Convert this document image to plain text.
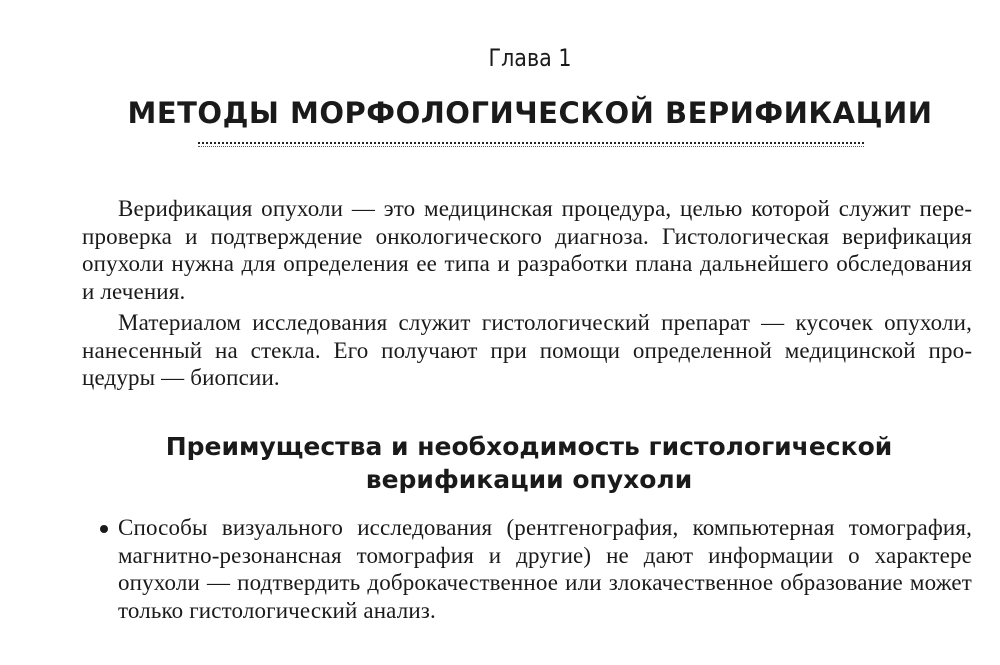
Глава 1
МЕТОДЫ МОРФОЛОГИЧЕСКОЙ ВЕРИФИКАЦИИ

Верификация опухоли — это медицинская процедура, целью которой служит перепроверка и подтверждение онкологического диагноза. Гистологическая верификация опухоли нужна для определения ее типа и разработки плана дальнейшего обследования и лечения.

Материалом исследования служит гистологический препарат — кусочек опухоли, нанесенный на стекла. Его получают при помощи определенной медицинской процедуры — биопсии.

Преимущества и необходимость гистологической
верификации опухоли
Способы визуального исследования (рентгенография, компьютерная томография, магнитно-резонансная томография и другие) не дают информации о характере опухоли — подтвердить доброкачественное или злокачественное образование может только гистологический анализ.
